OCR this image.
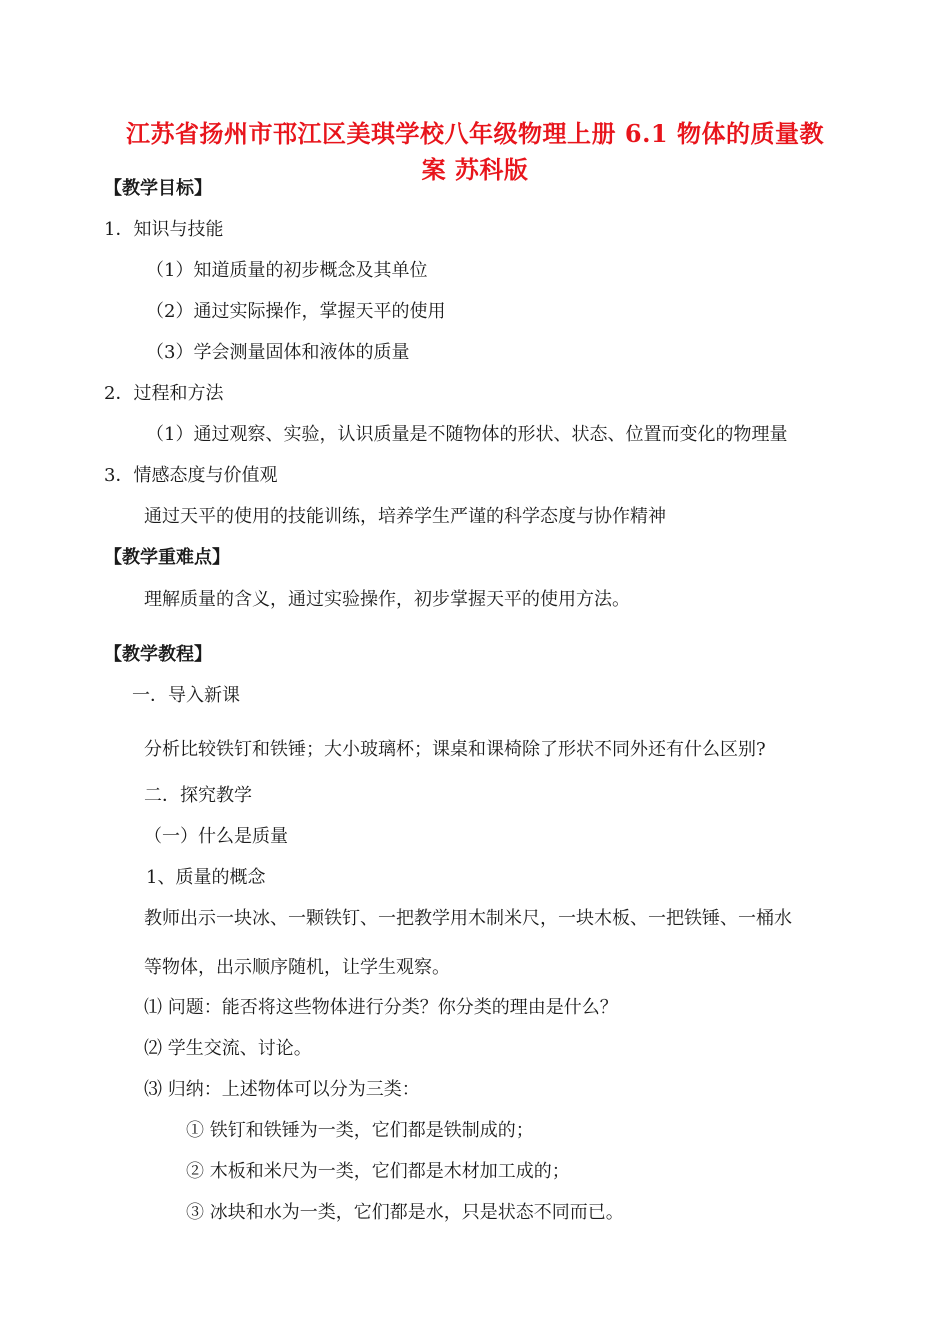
江苏省扬州市邗江区美琪学校八年级物理上册 6.1 物体的质量教
案 苏科版
【教学目标】
1．知识与技能
（1）知道质量的初步概念及其单位
（2）通过实际操作，掌握天平的使用
（3）学会测量固体和液体的质量
2．过程和方法
（1）通过观察、实验，认识质量是不随物体的形状、状态、位置而变化的物理量
3．情感态度与价值观
通过天平的使用的技能训练，培养学生严谨的科学态度与协作精神
【教学重难点】
理解质量的含义，通过实验操作，初步掌握天平的使用方法。
【教学教程】
一．导入新课
分析比较铁钉和铁锤；大小玻璃杯；课桌和课椅除了形状不同外还有什么区别?
二．探究教学
（一）什么是质量
1、质量的概念
教师出示一块冰、一颗铁钉、一把教学用木制米尺，一块木板、一把铁锤、一桶水
等物体，出示顺序随机，让学生观察。
⑴ 问题：能否将这些物体进行分类？你分类的理由是什么？
⑵ 学生交流、讨论。
⑶ 归纳：上述物体可以分为三类：
① 铁钉和铁锤为一类，它们都是铁制成的；
② 木板和米尺为一类，它们都是木材加工成的；
③ 冰块和水为一类，它们都是水，只是状态不同而已。
